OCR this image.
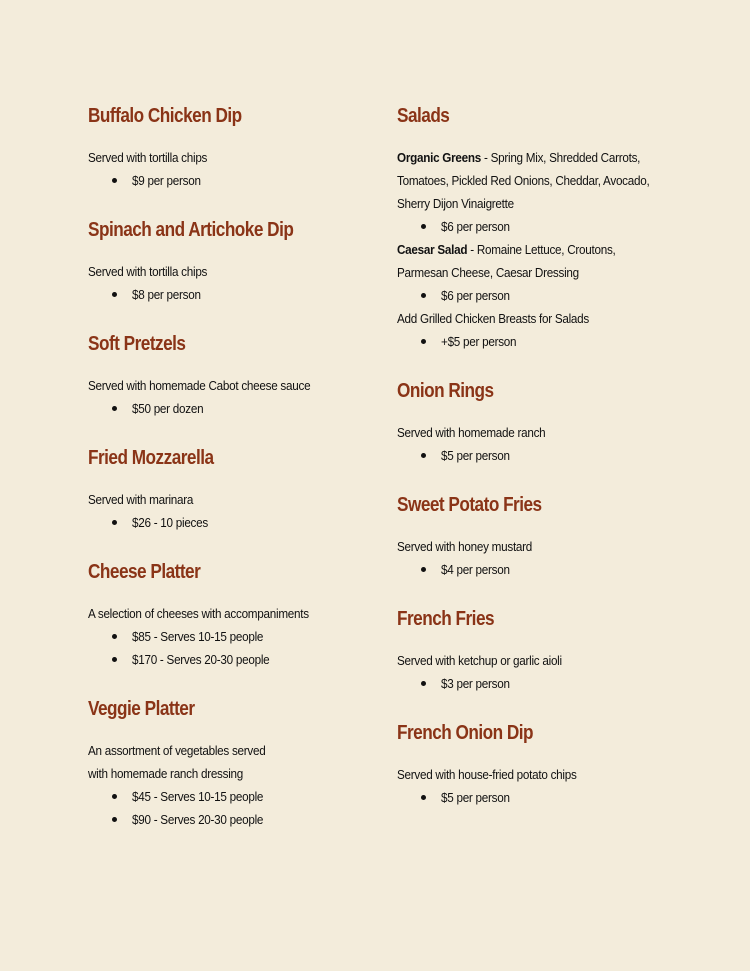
Buffalo Chicken Dip
Served with tortilla chips
$9 per person
Spinach and Artichoke Dip
Served with tortilla chips
$8 per person
Soft Pretzels
Served with homemade Cabot cheese sauce
$50 per dozen
Fried Mozzarella
Served with marinara
$26 - 10 pieces
Cheese Platter
A selection of cheeses with accompaniments
$85 - Serves 10-15 people
$170 - Serves 20-30 people
Veggie Platter
An assortment of vegetables served
with homemade ranch dressing
$45 - Serves 10-15 people
$90 - Serves 20-30 people
Salads
Organic Greens - Spring Mix, Shredded Carrots,
Tomatoes, Pickled Red Onions, Cheddar, Avocado,
Sherry Dijon Vinaigrette
$6 per person
Caesar Salad - Romaine Lettuce, Croutons,
Parmesan Cheese, Caesar Dressing
$6 per person
Add Grilled Chicken Breasts for Salads
+$5 per person
Onion Rings
Served with homemade ranch
$5 per person
Sweet Potato Fries
Served with honey mustard
$4 per person
French Fries
Served with ketchup or garlic aioli
$3 per person
French Onion Dip
Served with house-fried potato chips
$5 per person
